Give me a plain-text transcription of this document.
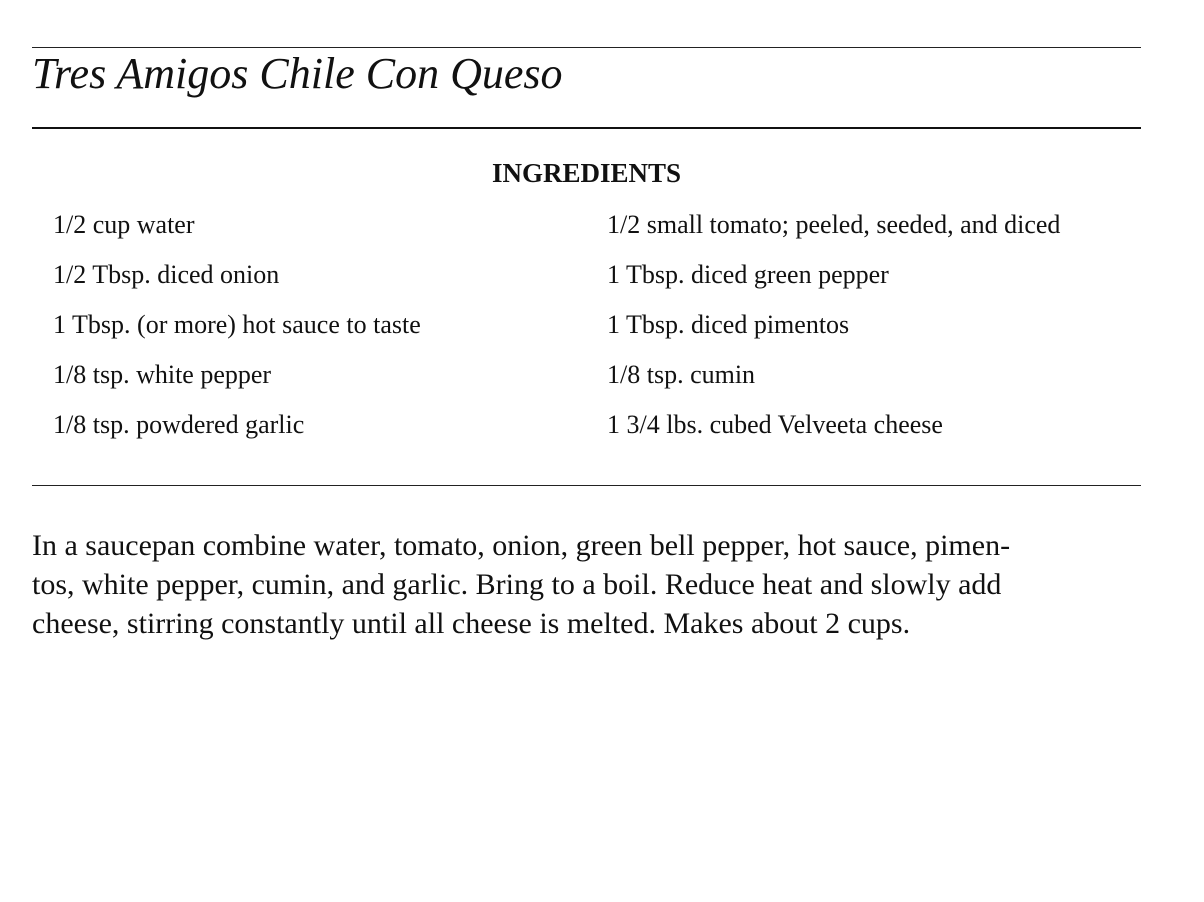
Tres Amigos Chile Con Queso
INGREDIENTS
1/2 cup water	1/2 small tomato; peeled, seeded, and diced
1/2 Tbsp. diced onion	1 Tbsp. diced green pepper
1 Tbsp. (or more) hot sauce to taste	1 Tbsp. diced pimentos
1/8 tsp. white pepper	1/8 tsp. cumin
1/8 tsp. powdered garlic	1 3/4 lbs. cubed Velveeta cheese

In a saucepan combine water, tomato, onion, green bell pepper, hot sauce, pimen-
tos, white pepper, cumin, and garlic. Bring to a boil. Reduce heat and slowly add
cheese, stirring constantly until all cheese is melted. Makes about 2 cups.
